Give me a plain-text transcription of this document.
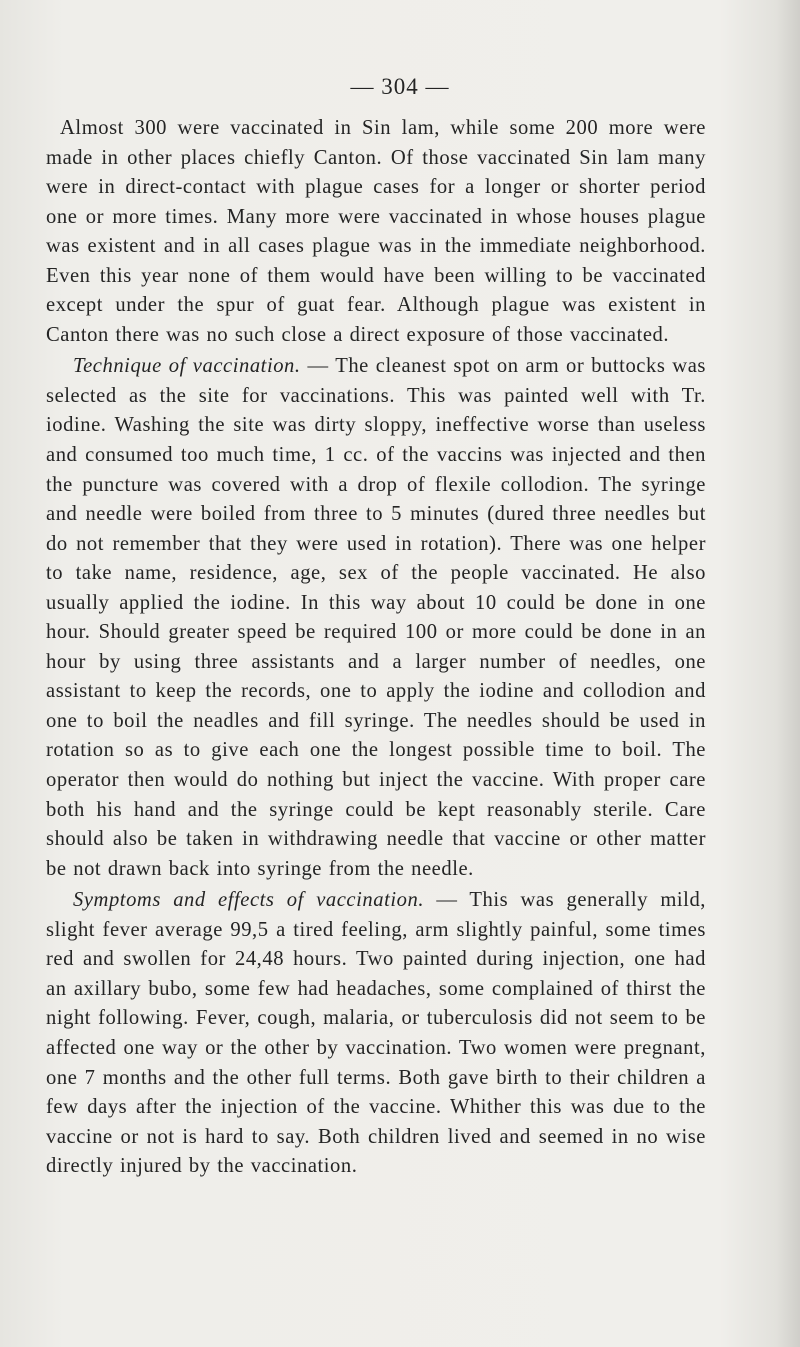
— 304 —

Almost 300 were vaccinated in Sin lam, while some 200 more were made in other places chiefly Canton. Of those vaccinated Sin lam many were in direct-contact with plague cases for a longer or shorter period one or more times. Many more were vaccinated in whose houses plague was existent and in all cases plague was in the immediate neighborhood. Even this year none of them would have been willing to be vaccinated except under the spur of guat fear. Although plague was existent in Canton there was no such close a direct exposure of those vaccinated.

Technique of vaccination. — The cleanest spot on arm or buttocks was selected as the site for vaccinations. This was painted well with Tr. iodine. Washing the site was dirty sloppy, ineffective worse than useless and consumed too much time, 1 cc. of the vaccins was injected and then the puncture was covered with a drop of flexile collodion. The syringe and needle were boiled from three to 5 minutes (dured three needles but do not remember that they were used in rotation). There was one helper to take name, residence, age, sex of the people vaccinated. He also usually applied the iodine. In this way about 10 could be done in one hour. Should greater speed be required 100 or more could be done in an hour by using three assistants and a larger number of needles, one assistant to keep the records, one to apply the iodine and collodion and one to boil the neadles and fill syringe. The needles should be used in rotation so as to give each one the longest possible time to boil. The operator then would do nothing but inject the vaccine. With proper care both his hand and the syringe could be kept reasonably sterile. Care should also be taken in withdrawing needle that vaccine or other matter be not drawn back into syringe from the needle.

Symptoms and effects of vaccination. — This was generally mild, slight fever average 99,5 a tired feeling, arm slightly painful, some times red and swollen for 24,48 hours. Two painted during injection, one had an axillary bubo, some few had headaches, some complained of thirst the night following. Fever, cough, malaria, or tuberculosis did not seem to be affected one way or the other by vaccination. Two women were pregnant, one 7 months and the other full terms. Both gave birth to their children a few days after the injection of the vaccine. Whither this was due to the vaccine or not is hard to say. Both children lived and seemed in no wise directly injured by the vaccination.
